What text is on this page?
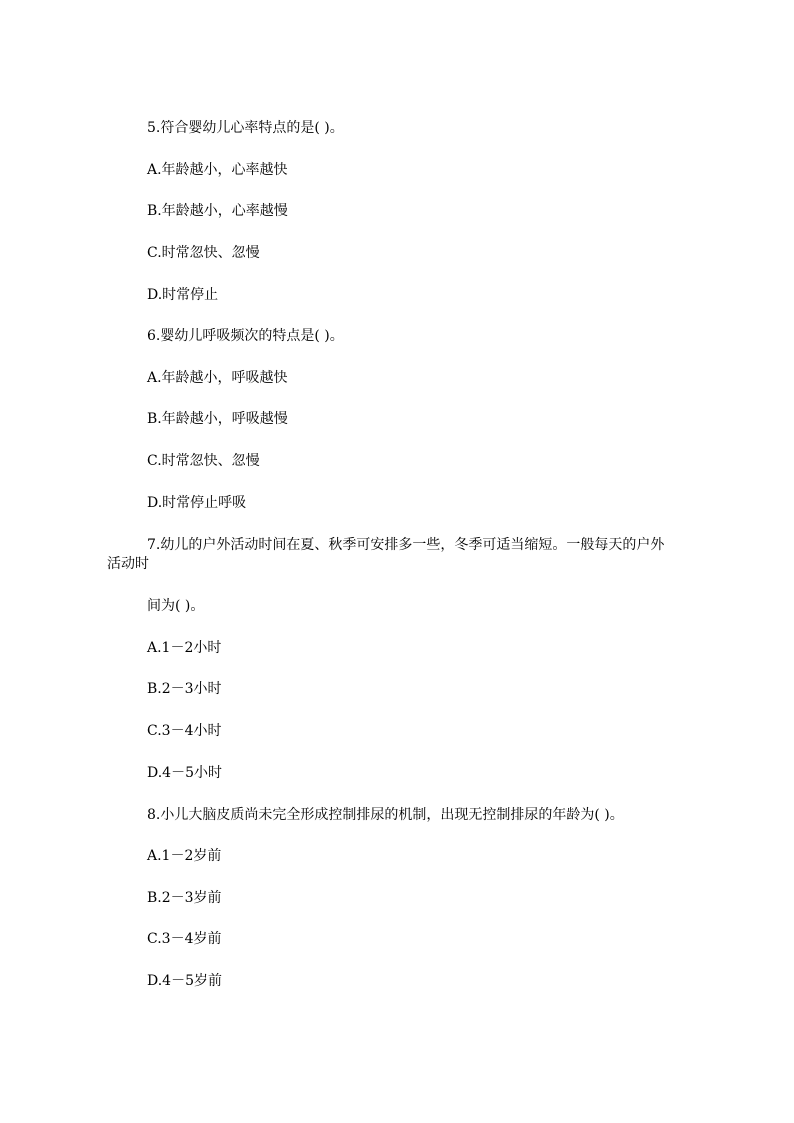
5.符合婴幼儿心率特点的是( )。
A.年龄越小，心率越快
B.年龄越小，心率越慢
C.时常忽快、忽慢
D.时常停止
6.婴幼儿呼吸频次的特点是( )。
A.年龄越小，呼吸越快
B.年龄越小，呼吸越慢
C.时常忽快、忽慢
D.时常停止呼吸
7.幼儿的户外活动时间在夏、秋季可安排多一些，冬季可适当缩短。一般每天的户外
活动时
间为( )。
A.1－2小时
B.2－3小时
C.3－4小时
D.4－5小时
8.小儿大脑皮质尚未完全形成控制排尿的机制，出现无控制排尿的年龄为( )。
A.1－2岁前
B.2－3岁前
C.3－4岁前
D.4－5岁前
